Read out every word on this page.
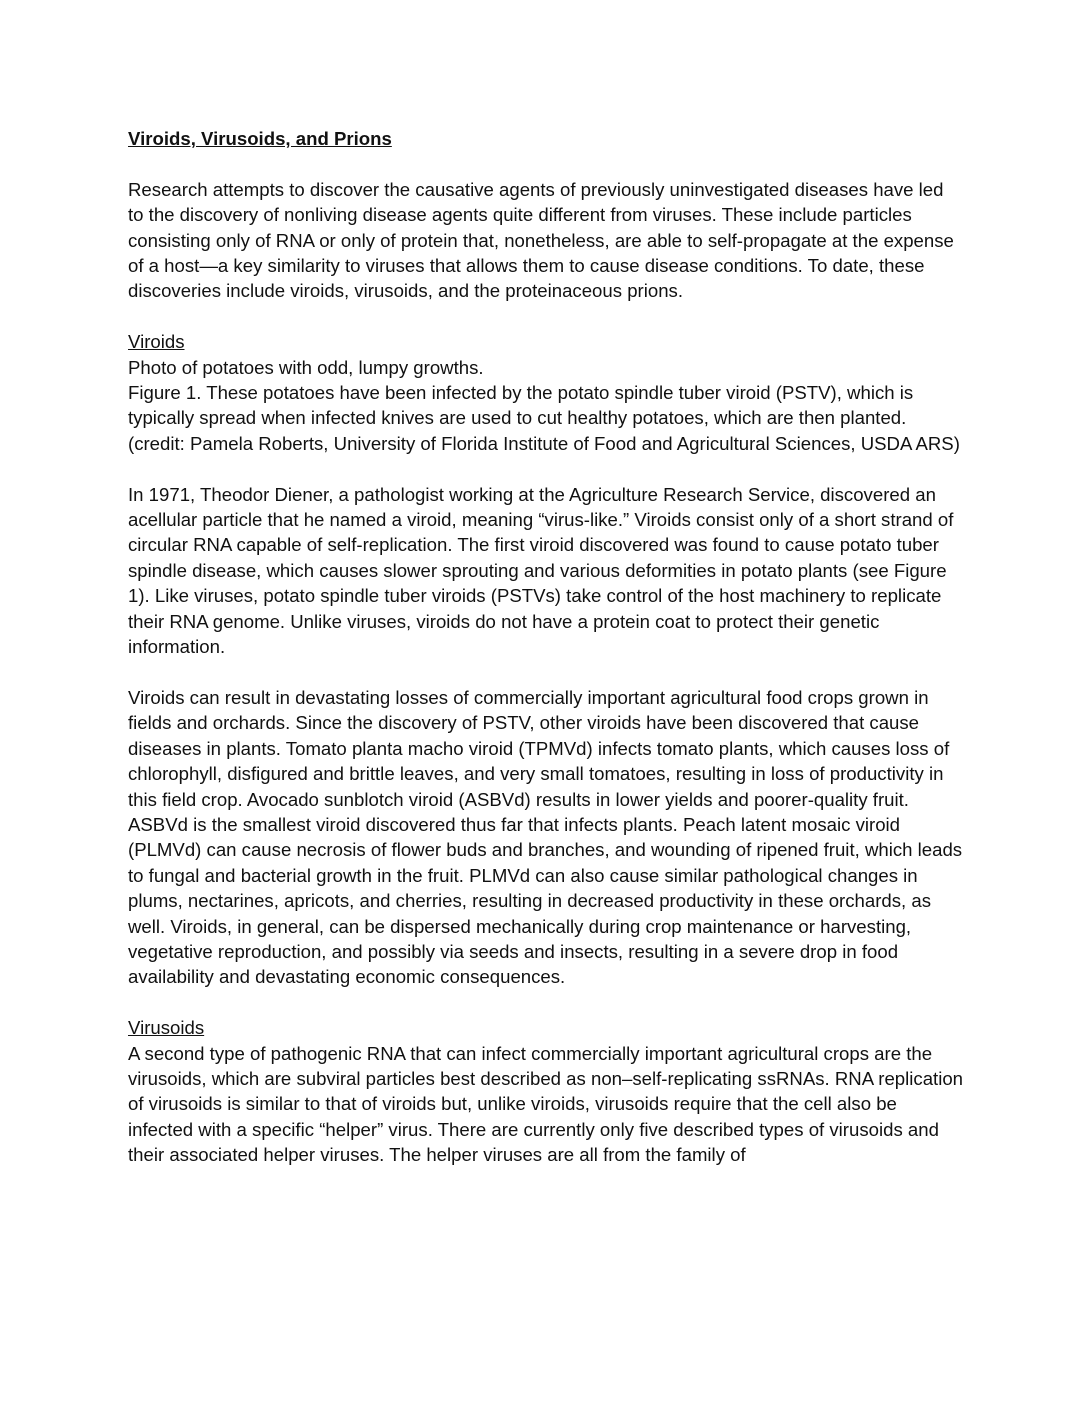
Viroids, Virusoids, and Prions

Research attempts to discover the causative agents of previously uninvestigated diseases have led to the discovery of nonliving disease agents quite different from viruses. These include particles consisting only of RNA or only of protein that, nonetheless, are able to self-propagate at the expense of a host—a key similarity to viruses that allows them to cause disease conditions. To date, these discoveries include viroids, virusoids, and the proteinaceous prions.

Viroids

Photo of potatoes with odd, lumpy growths.

Figure 1. These potatoes have been infected by the potato spindle tuber viroid (PSTV), which is typically spread when infected knives are used to cut healthy potatoes, which are then planted. (credit: Pamela Roberts, University of Florida Institute of Food and Agricultural Sciences, USDA ARS)

In 1971, Theodor Diener, a pathologist working at the Agriculture Research Service, discovered an acellular particle that he named a viroid, meaning “virus-like.” Viroids consist only of a short strand of circular RNA capable of self-replication. The first viroid discovered was found to cause potato tuber spindle disease, which causes slower sprouting and various deformities in potato plants (see Figure 1). Like viruses, potato spindle tuber viroids (PSTVs) take control of the host machinery to replicate their RNA genome. Unlike viruses, viroids do not have a protein coat to protect their genetic information.

Viroids can result in devastating losses of commercially important agricultural food crops grown in fields and orchards. Since the discovery of PSTV, other viroids have been discovered that cause diseases in plants. Tomato planta macho viroid (TPMVd) infects tomato plants, which causes loss of chlorophyll, disfigured and brittle leaves, and very small tomatoes, resulting in loss of productivity in this field crop. Avocado sunblotch viroid (ASBVd) results in lower yields and poorer-quality fruit. ASBVd is the smallest viroid discovered thus far that infects plants. Peach latent mosaic viroid (PLMVd) can cause necrosis of flower buds and branches, and wounding of ripened fruit, which leads to fungal and bacterial growth in the fruit. PLMVd can also cause similar pathological changes in plums, nectarines, apricots, and cherries, resulting in decreased productivity in these orchards, as well. Viroids, in general, can be dispersed mechanically during crop maintenance or harvesting, vegetative reproduction, and possibly via seeds and insects, resulting in a severe drop in food availability and devastating economic consequences.

Virusoids

A second type of pathogenic RNA that can infect commercially important agricultural crops are the virusoids, which are subviral particles best described as non–self-replicating ssRNAs. RNA replication of virusoids is similar to that of viroids but, unlike viroids, virusoids require that the cell also be infected with a specific “helper” virus. There are currently only five described types of virusoids and their associated helper viruses. The helper viruses are all from the family of
